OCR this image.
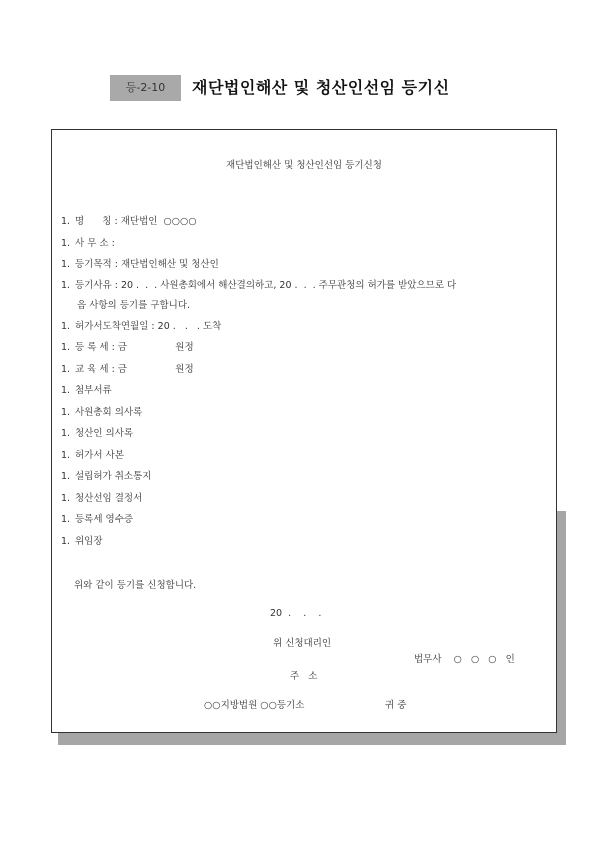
등-2-10	재단법인해산 및 청산인선임 등기신
재단법인해산 및 청산인선임 등기신청
1. 명      칭 : 재단법인  ○○○○
1. 사 무 소 :
1. 등기목적 : 재단법인해산 및 청산인
1. 등기사유 : 20 .  .  . 사원총회에서 해산결의하고, 20 .  .  . 주무관청의 허가를 받았으므로 다
음 사항의 등기를 구합니다.
1. 허가서도착연월일 : 20 .   .   . 도착
1. 등 록 세 : 금                원정
1. 교 육 세 : 금                원정
1. 첨부서류
1. 사원총회 의사록
1. 청산인 의사록
1. 허가서 사본
1. 설립허가 취소통지
1. 청산선임 결정서
1. 등록세 영수증
1. 위임장
위와 같이 등기를 신청합니다.
20  .    .    .
위 신청대리인
법무사    ○   ○   ○   인
주   소
○○지방법원 ○○등기소	귀 중
